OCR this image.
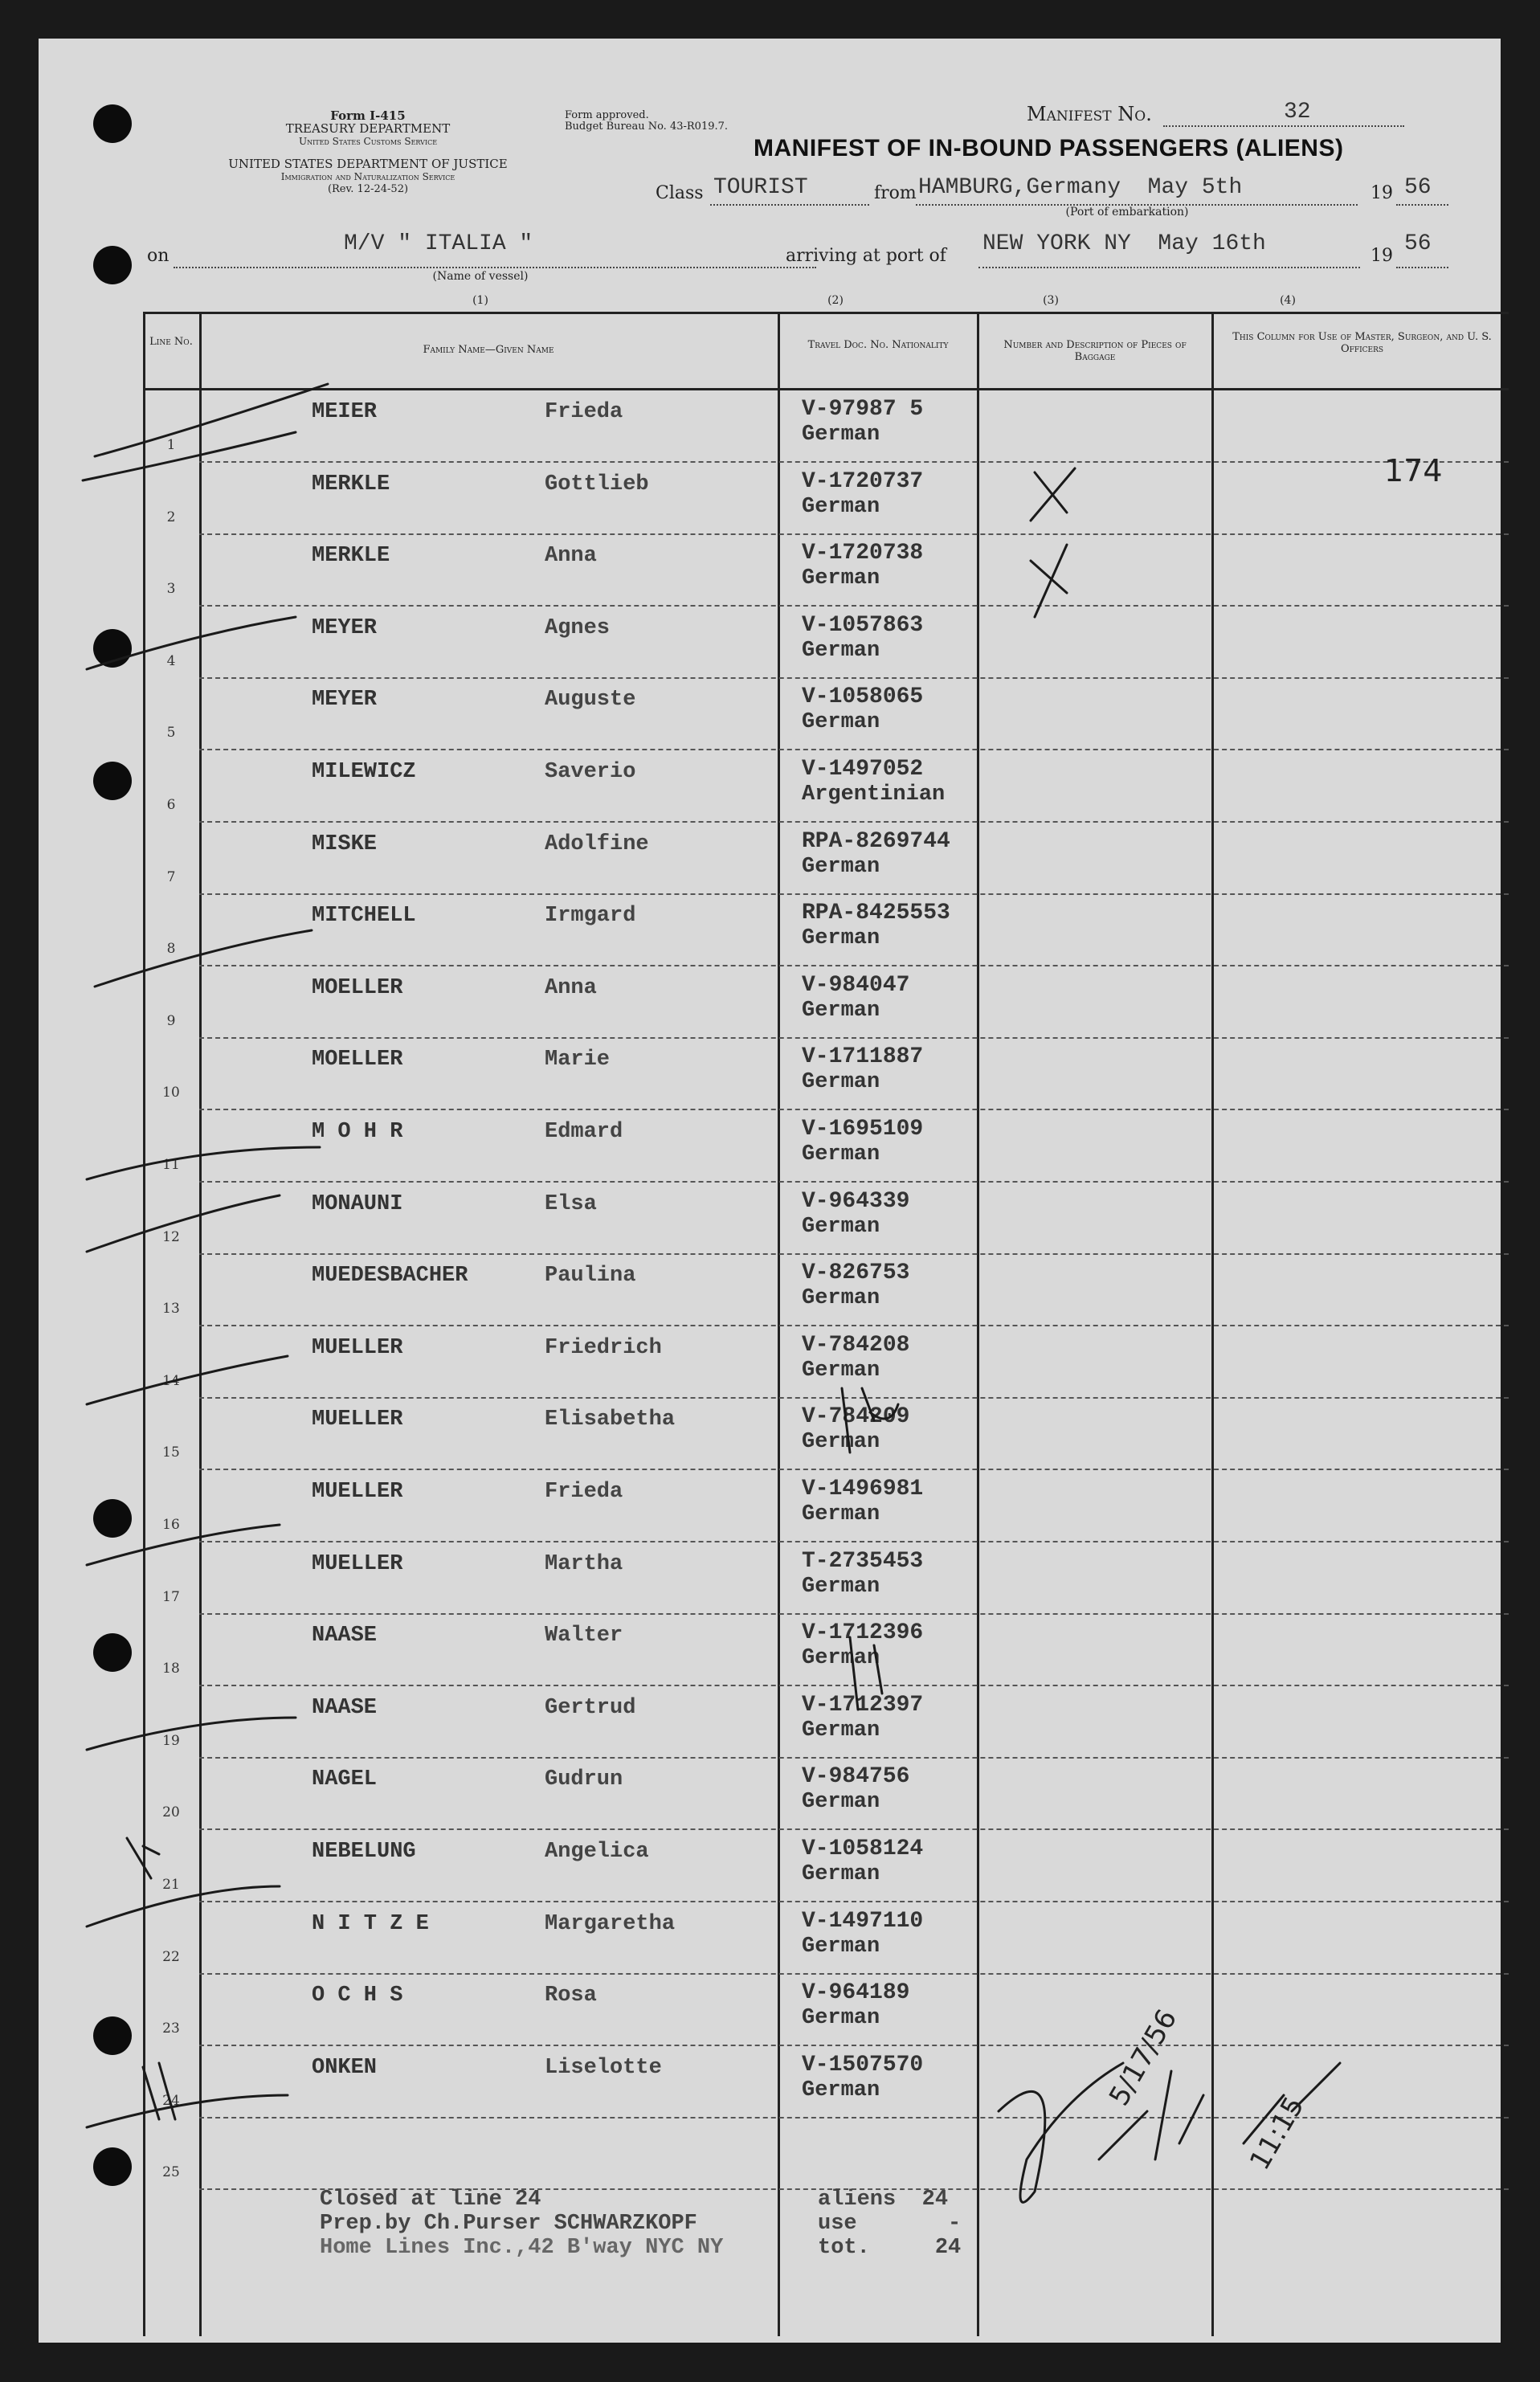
Form I-415
TREASURY DEPARTMENT
United States Customs Service
UNITED STATES DEPARTMENT OF JUSTICE
Immigration and Naturalization Service
(Rev. 12-24-52)
Form approved.
Budget Bureau No. 43-R019.7.
Manifest No.	32
MANIFEST OF IN-BOUND PASSENGERS (ALIENS)
Class TOURIST	from HAMBURG,Germany  May 5th	19 56
(Port of embarkation)
on	M/V " ITALIA "
(Name of vessel)
arriving at port of NEW YORK NY  May 16th	19 56
(1)	(2)	(3)	(4)
Line No.
Family Name—Given Name	Travel Doc. No. Nationality	Number and Description of Pieces of Baggage
This Column for Use of Master, Surgeon, and U. S. Officers
1
MEIER	Frieda	V-97987 5
German
2
MERKLE	Gottlieb	V-1720737
German
3
MERKLE	Anna	V-1720738
German
4
MEYER	Agnes	V-1057863
German
5
MEYER	Auguste	V-1058065
German
6
MILEWICZ	Saverio	V-1497052
Argentinian
7
MISKE	Adolfine	RPA-8269744
German
8
MITCHELL	Irmgard	RPA-8425553
German
9
MOELLER	Anna	V-984047
German
10
MOELLER	Marie	V-1711887
German
11
M O H R	Edmard	V-1695109
German
12
MONAUNI	Elsa	V-964339
German
13
MUEDESBACHER	Paulina	V-826753
German
14
MUELLER	Friedrich	V-784208
German
15
MUELLER	Elisabetha	V-784209
German
16
MUELLER	Frieda	V-1496981
German
17
MUELLER	Martha	T-2735453
German
18
NAASE	Walter	V-1712396
German
19
NAASE	Gertrud	V-1712397
German
20
NAGEL	Gudrun	V-984756
German
21
NEBELUNG	Angelica	V-1058124
German
22
N I T Z E	Margaretha	V-1497110
German
23
O C H S	Rosa	V-964189
German
24
ONKEN	Liselotte	V-1507570
German
25
174
Closed at line 24
Prep.by Ch.Purser SCHWARZKOPF
Home Lines Inc.,42 B'way NYC NY
aliens  24
use       -
tot.     24
5/17/56
11:15
